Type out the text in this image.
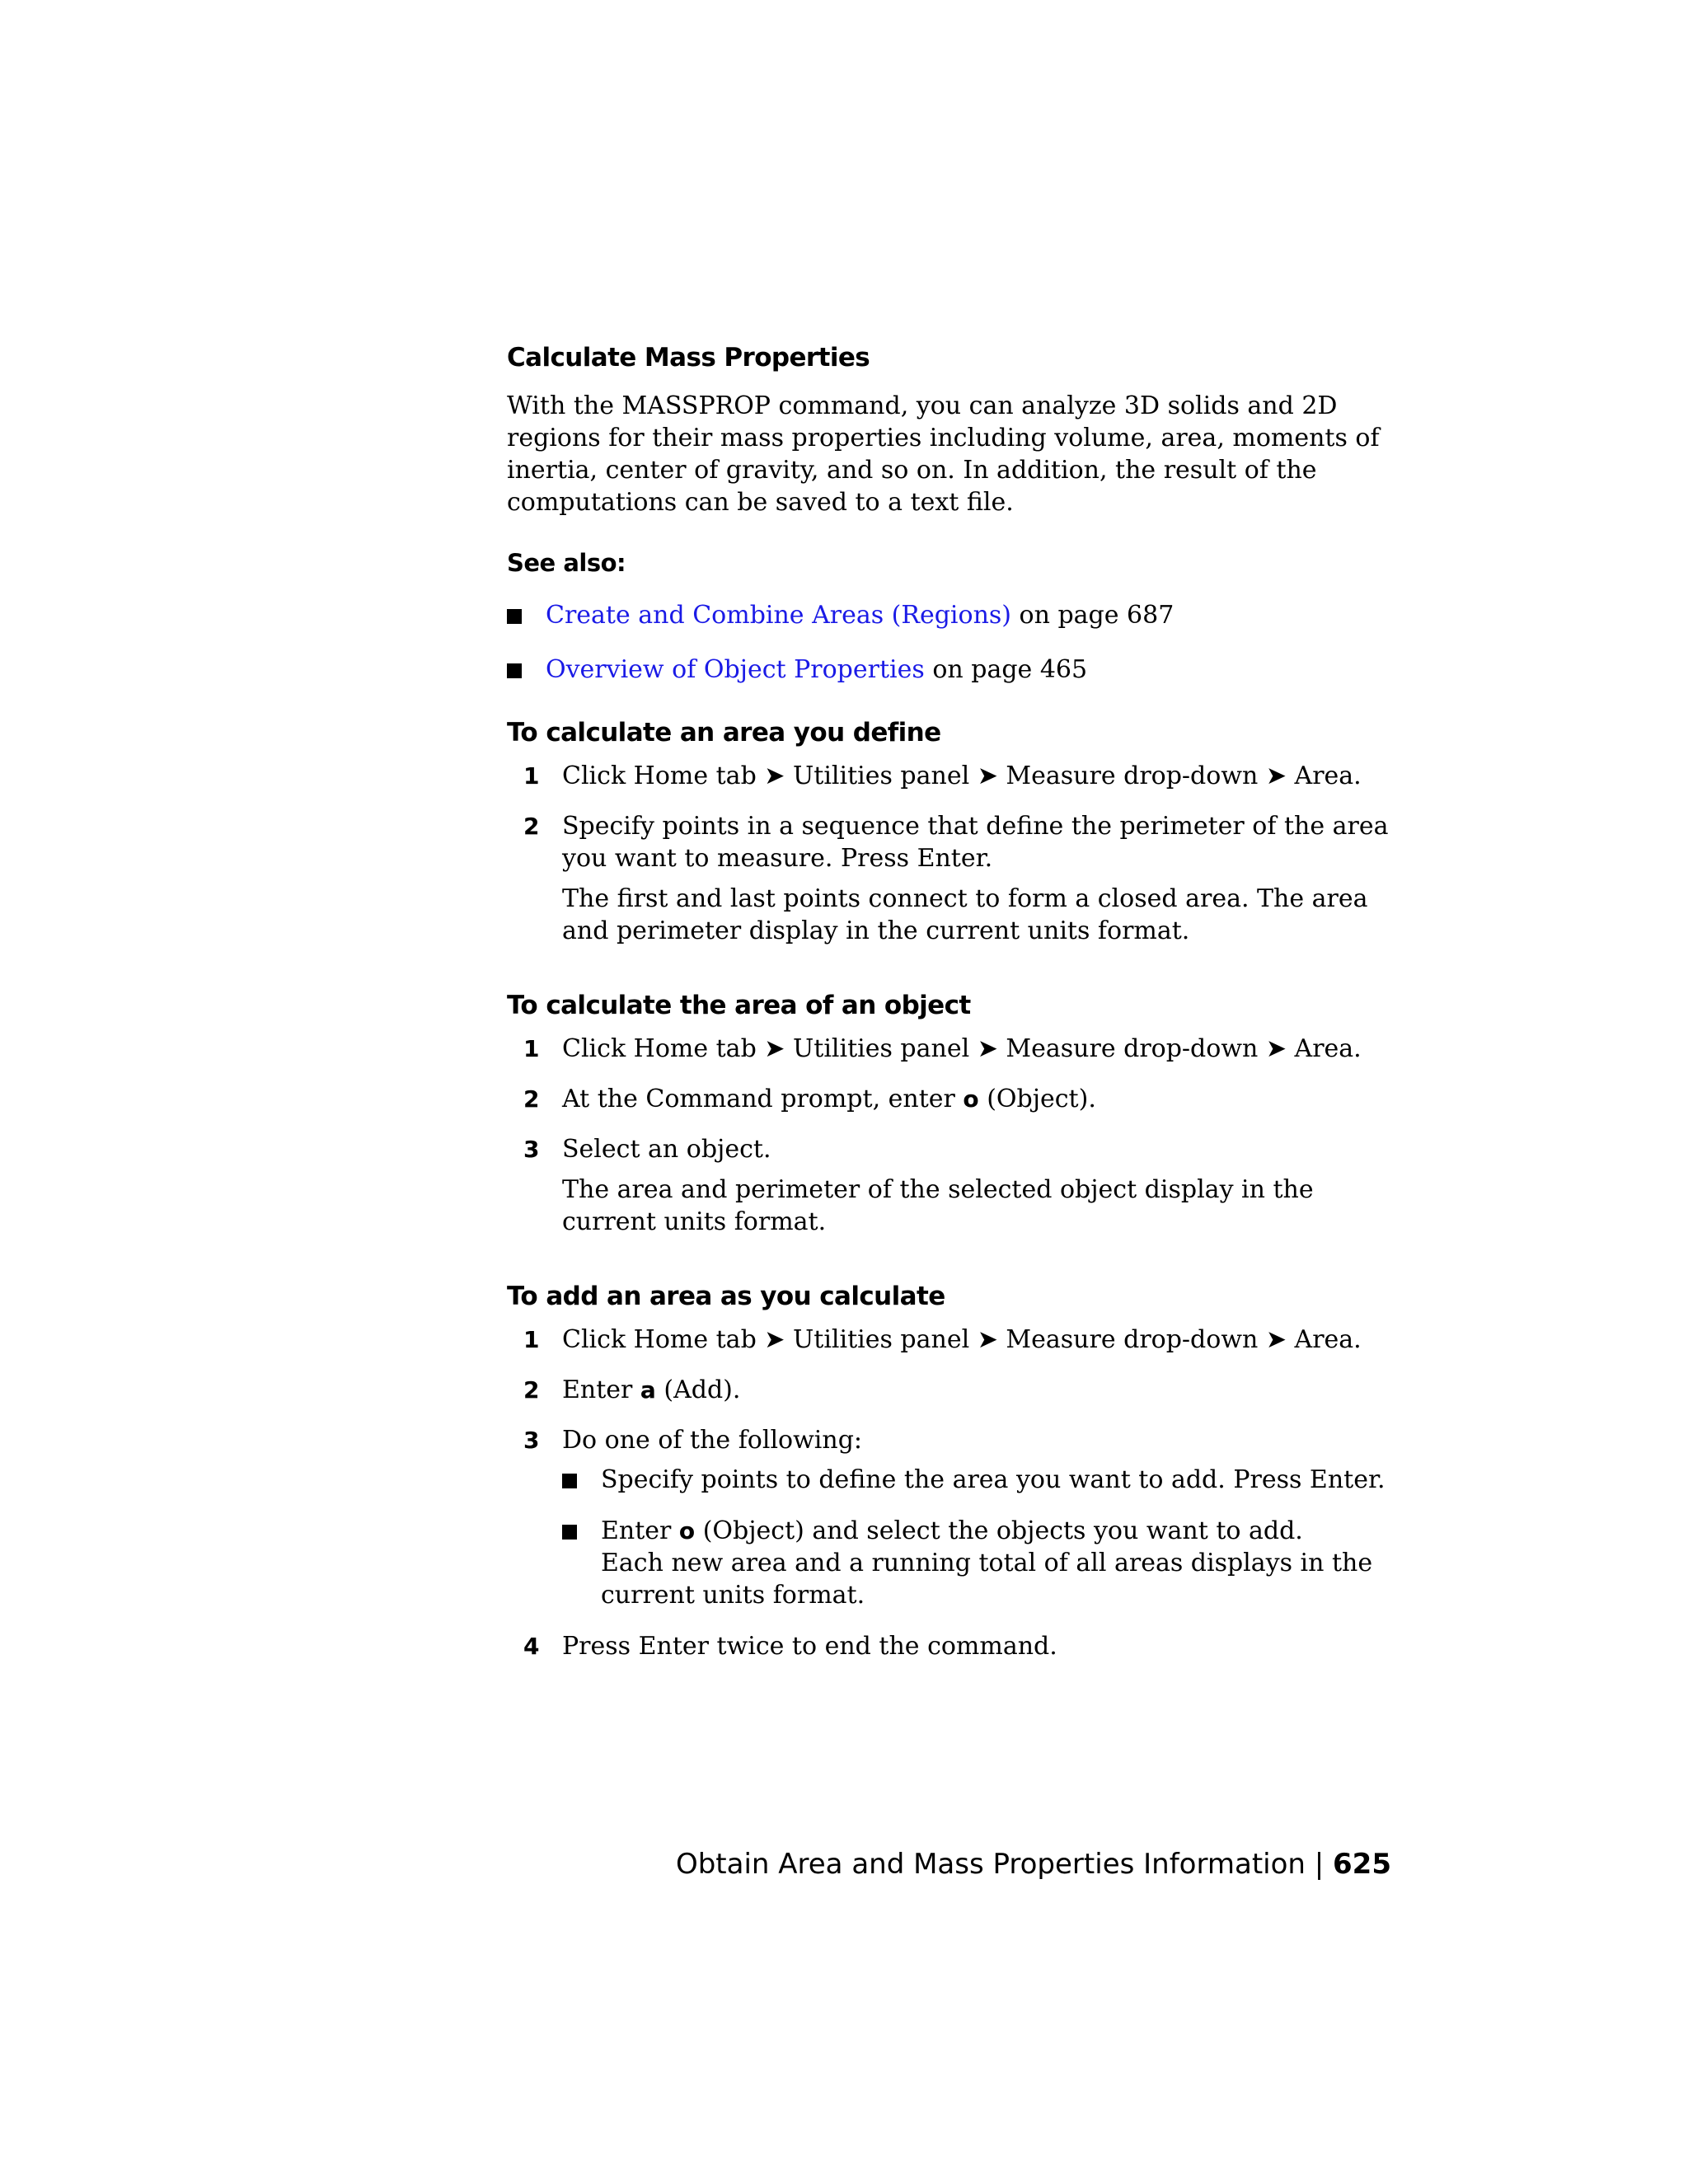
Calculate Mass Properties

With the MASSPROP command, you can analyze 3D solids and 2D regions for their mass properties including volume, area, moments of inertia, center of gravity, and so on. In addition, the result of the computations can be saved to a text file.

See also:
Create and Combine Areas (Regions) on page 687
Overview of Object Properties on page 465
To calculate an area you define
1 Click Home tab ➤ Utilities panel ➤ Measure drop-down ➤ Area.
2 Specify points in a sequence that define the perimeter of the area you want to measure. Press Enter.
The first and last points connect to form a closed area. The area and perimeter display in the current units format.
To calculate the area of an object
1 Click Home tab ➤ Utilities panel ➤ Measure drop-down ➤ Area.
2 At the Command prompt, enter o (Object).
3 Select an object.
The area and perimeter of the selected object display in the current units format.
To add an area as you calculate
1 Click Home tab ➤ Utilities panel ➤ Measure drop-down ➤ Area.
2 Enter a (Add).
3 Do one of the following:
Specify points to define the area you want to add. Press Enter.
Enter o (Object) and select the objects you want to add.
Each new area and a running total of all areas displays in the current units format.
4 Press Enter twice to end the command.
Obtain Area and Mass Properties Information | 625
